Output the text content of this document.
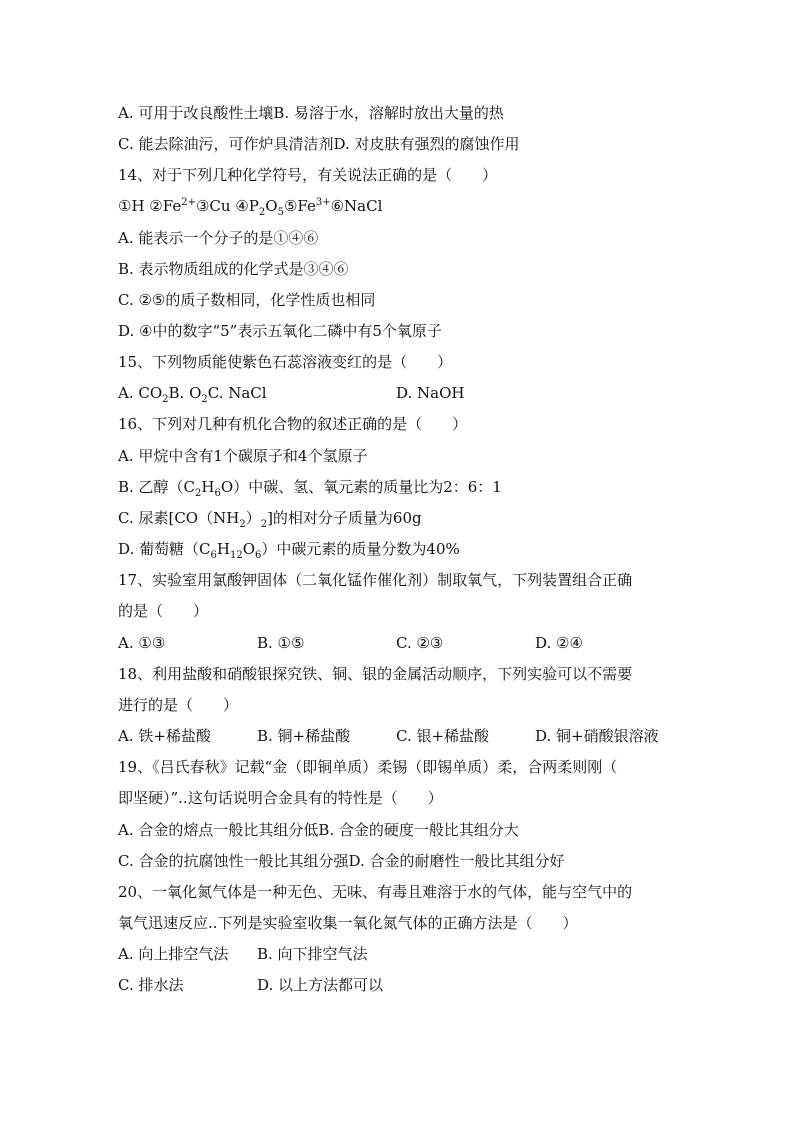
A. 可用于改良酸性土壤B. 易溶于水，溶解时放出大量的热
C. 能去除油污，可作炉具清洁剂D. 对皮肤有强烈的腐蚀作用
14、对于下列几种化学符号，有关说法正确的是（　　）
①H $②Fe^{2+}③Cu$ $④P_2O_5⑤Fe^{3+}⑥NaCl$
A. 能表示一个分子的是①④⑥
B. 表示物质组成的化学式是③④⑥
C. ②⑤的质子数相同，化学性质也相同
D. ④中的数字“5”表示五氧化二磷中有5个氧原子
15、下列物质能使紫色石蕊溶液变红的是（　　）
A. $CO_2B$. $O_2C$. NaCl	D. NaOH
16、下列对几种有机化合物的叙述正确的是（　　）
A. 甲烷中含有1个碳原子和4个氢原子
B. 乙醇$(C_2H_6O)$中碳、氢、氧元素的质量比为2：6：1
C. 尿素$[CO(NH_2)_2]$的相对分子质量为60g
D. 葡萄糖$(C_6H_{12}O_6)$中碳元素的质量分数为40%
17、实验室用氯酸钾固体（二氧化锰作催化剂）制取氧气，下列装置组合正确
的是（　　）
A. ①③	B. ①⑤	C. ②③	D. ②④
18、利用盐酸和硝酸银探究铁、铜、银的金属活动顺序，下列实验可以不需要
进行的是（　　）
A. 铁+稀盐酸	B. 铜+稀盐酸	C. 银+稀盐酸	D. 铜+硝酸银溶液
19、《吕氏春秋》记载“金（即铜单质）柔锡（即锡单质）柔，合两柔则刚（
即坚硬）”..这句话说明合金具有的特性是（　　）
A. 合金的熔点一般比其组分低B. 合金的硬度一般比其组分大
C. 合金的抗腐蚀性一般比其组分强D. 合金的耐磨性一般比其组分好
20、一氧化氮气体是一种无色、无味、有毒且难溶于水的气体，能与空气中的
氧气迅速反应..下列是实验室收集一氧化氮气体的正确方法是（　　）
A. 向上排空气法 B. 向下排空气法
C. 排水法	D. 以上方法都可以
